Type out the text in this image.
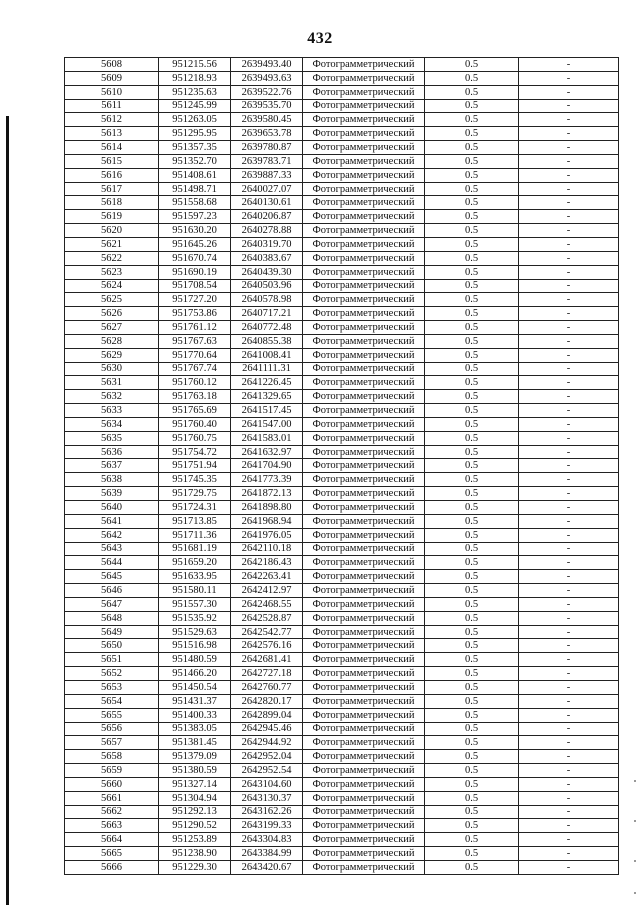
432
5608	951215.56	2639493.40	Фотограмметрический	0.5	-
5609	951218.93	2639493.63	Фотограмметрический	0.5	-
5610	951235.63	2639522.76	Фотограмметрический	0.5	-
5611	951245.99	2639535.70	Фотограмметрический	0.5	-
5612	951263.05	2639580.45	Фотограмметрический	0.5	-
5613	951295.95	2639653.78	Фотограмметрический	0.5	-
5614	951357.35	2639780.87	Фотограмметрический	0.5	-
5615	951352.70	2639783.71	Фотограмметрический	0.5	-
5616	951408.61	2639887.33	Фотограмметрический	0.5	-
5617	951498.71	2640027.07	Фотограмметрический	0.5	-
5618	951558.68	2640130.61	Фотограмметрический	0.5	-
5619	951597.23	2640206.87	Фотограмметрический	0.5	-
5620	951630.20	2640278.88	Фотограмметрический	0.5	-
5621	951645.26	2640319.70	Фотограмметрический	0.5	-
5622	951670.74	2640383.67	Фотограмметрический	0.5	-
5623	951690.19	2640439.30	Фотограмметрический	0.5	-
5624	951708.54	2640503.96	Фотограмметрический	0.5	-
5625	951727.20	2640578.98	Фотограмметрический	0.5	-
5626	951753.86	2640717.21	Фотограмметрический	0.5	-
5627	951761.12	2640772.48	Фотограмметрический	0.5	-
5628	951767.63	2640855.38	Фотограмметрический	0.5	-
5629	951770.64	2641008.41	Фотограмметрический	0.5	-
5630	951767.74	2641111.31	Фотограмметрический	0.5	-
5631	951760.12	2641226.45	Фотограмметрический	0.5	-
5632	951763.18	2641329.65	Фотограмметрический	0.5	-
5633	951765.69	2641517.45	Фотограмметрический	0.5	-
5634	951760.40	2641547.00	Фотограмметрический	0.5	-
5635	951760.75	2641583.01	Фотограмметрический	0.5	-
5636	951754.72	2641632.97	Фотограмметрический	0.5	-
5637	951751.94	2641704.90	Фотограмметрический	0.5	-
5638	951745.35	2641773.39	Фотограмметрический	0.5	-
5639	951729.75	2641872.13	Фотограмметрический	0.5	-
5640	951724.31	2641898.80	Фотограмметрический	0.5	-
5641	951713.85	2641968.94	Фотограмметрический	0.5	-
5642	951711.36	2641976.05	Фотограмметрический	0.5	-
5643	951681.19	2642110.18	Фотограмметрический	0.5	-
5644	951659.20	2642186.43	Фотограмметрический	0.5	-
5645	951633.95	2642263.41	Фотограмметрический	0.5	-
5646	951580.11	2642412.97	Фотограмметрический	0.5	-
5647	951557.30	2642468.55	Фотограмметрический	0.5	-
5648	951535.92	2642528.87	Фотограмметрический	0.5	-
5649	951529.63	2642542.77	Фотограмметрический	0.5	-
5650	951516.98	2642576.16	Фотограмметрический	0.5	-
5651	951480.59	2642681.41	Фотограмметрический	0.5	-
5652	951466.20	2642727.18	Фотограмметрический	0.5	-
5653	951450.54	2642760.77	Фотограмметрический	0.5	-
5654	951431.37	2642820.17	Фотограмметрический	0.5	-
5655	951400.33	2642899.04	Фотограмметрический	0.5	-
5656	951383.05	2642945.46	Фотограмметрический	0.5	-
5657	951381.45	2642944.92	Фотограмметрический	0.5	-
5658	951379.09	2642952.04	Фотограмметрический	0.5	-
5659	951380.59	2642952.54	Фотограмметрический	0.5	-
5660	951327.14	2643104.60	Фотограмметрический	0.5	-
5661	951304.94	2643130.37	Фотограмметрический	0.5	-
5662	951292.13	2643162.26	Фотограмметрический	0.5	-
5663	951290.52	2643199.33	Фотограмметрический	0.5	-
5664	951253.89	2643304.83	Фотограмметрический	0.5	-
5665	951238.90	2643384.99	Фотограмметрический	0.5	-
5666	951229.30	2643420.67	Фотограмметрический	0.5	-
